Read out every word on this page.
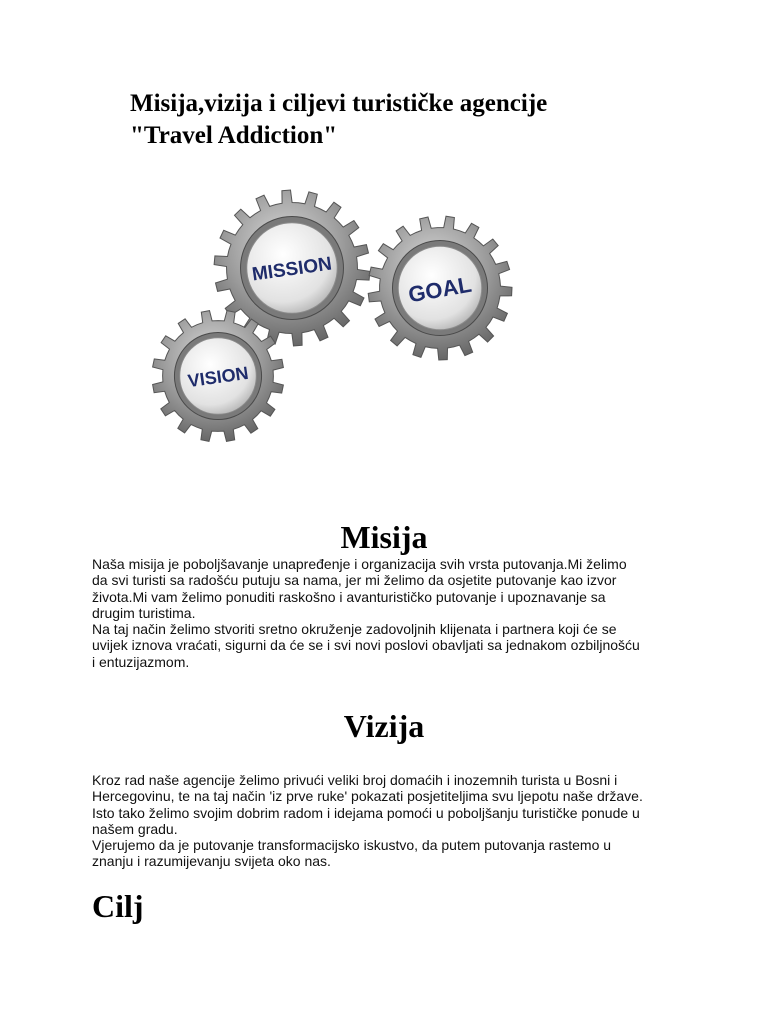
Misija,vizija i ciljevi turističke agencije
"Travel Addiction"
MISSION
GOAL
VISION
Misija

Naša misija je poboljšavanje unapređenje i organizacija svih vrsta putovanja.Mi želimo

da svi turisti sa radošću putuju sa nama, jer mi želimo da osjetite putovanje kao izvor

života.Mi vam želimo ponuditi raskošno i avanturističko putovanje i upoznavanje sa

drugim turistima.

Na taj način želimo stvoriti sretno okruženje zadovoljnih klijenata i partnera koji će se

uvijek iznova vraćati, sigurni da će se i svi novi poslovi obavljati sa jednakom ozbiljnošću

i entuzijazmom.

Vizija

Kroz rad naše agencije želimo privući veliki broj domaćih i inozemnih turista u Bosni i

Hercegovinu, te na taj način 'iz prve ruke' pokazati posjetiteljima svu ljepotu naše države.

Isto tako želimo svojim dobrim radom i idejama pomoći u poboljšanju turističke ponude u

našem gradu.

Vjerujemo da je putovanje transformacijsko iskustvo, da putem putovanja rastemo u

znanju i razumijevanju svijeta oko nas.

Cilj
